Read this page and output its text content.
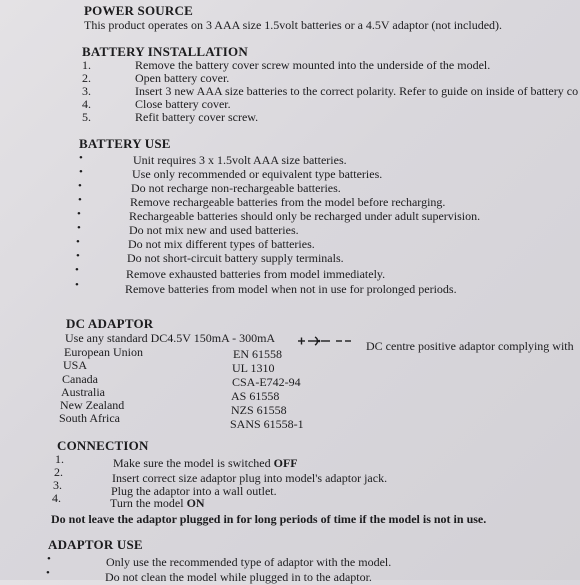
POWER SOURCE
This product operates on 3 AAA size 1.5volt batteries or a 4.5V adaptor (not included).
BATTERY INSTALLATION
1.	Remove the battery cover screw mounted into the underside of the model.
2.	Open battery cover.
3.	Insert 3 new AAA size batteries to the correct polarity. Refer to guide on inside of battery co
4.	Close battery cover.
5.	Refit battery cover screw.
BATTERY USE
•	Unit requires 3 x 1.5volt AAA size batteries.
•	Use only recommended or equivalent type batteries.
•	Do not recharge non-rechargeable batteries.
•	Remove rechargeable batteries from the model before recharging.
•	Rechargeable batteries should only be recharged under adult supervision.
•	Do not mix new and used batteries.
•	Do not mix different types of batteries.
•	Do not short-circuit battery supply terminals.
•	Remove exhausted batteries from model immediately.
•	Remove batteries from model when not in use for prolonged periods.
DC ADAPTOR
Use any standard DC4.5V 150mA - 300mA
DC centre positive adaptor complying with
European Union	EN 61558
USA	UL 1310
Canada	CSA-E742-94
Australia	AS 61558
New Zealand	NZS 61558
South Africa	SANS 61558-1
CONNECTION
1.	Make sure the model is switched OFF
2.	Insert correct size adaptor plug into model's adaptor jack.
3.	Plug the adaptor into a wall outlet.
4.	Turn the model ON
Do not leave the adaptor plugged in for long periods of time if the model is not in use.
ADAPTOR USE
•	Only use the recommended type of adaptor with the model.
•	Do not clean the model while plugged in to the adaptor.
